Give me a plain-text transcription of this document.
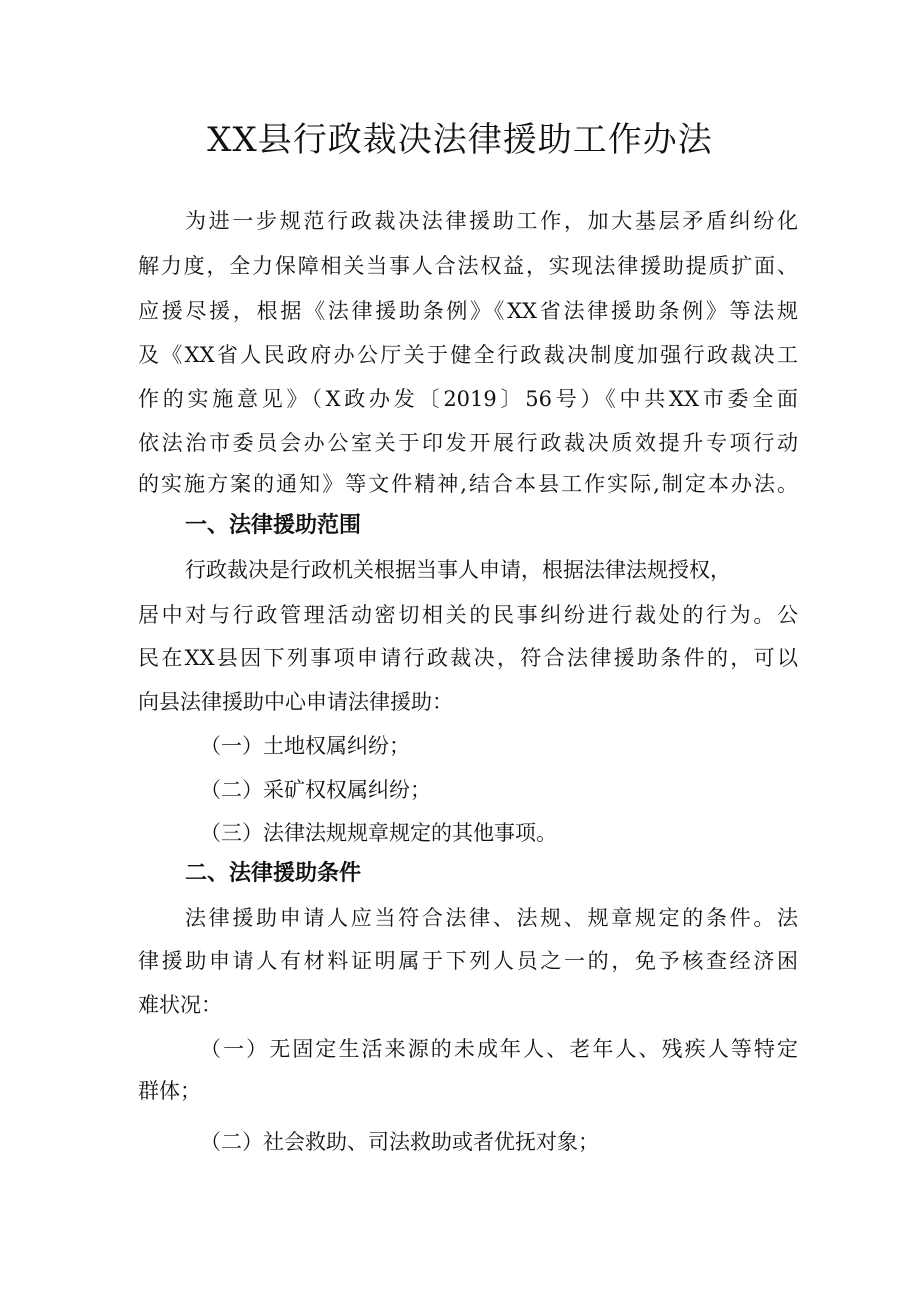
XX县行政裁决法律援助工作办法

为进一步规范行政裁决法律援助工作，加大基层矛盾纠纷化

解力度，全力保障相关当事人合法权益，实现法律援助提质扩面、

应援尽援，根据《法律援助条例》《XX省法律援助条例》等法规

及《XX省人民政府办公厅关于健全行政裁决制度加强行政裁决工

作的实施意见》（X政办发〔2019〕56号）《中共XX市委全面

依法治市委员会办公室关于印发开展行政裁决质效提升专项行动

的实施方案的通知》等文件精神,结合本县工作实际,制定本办法。

一、法律援助范围

行政裁决是行政机关根据当事人申请，根据法律法规授权，

居中对与行政管理活动密切相关的民事纠纷进行裁处的行为。公

民在XX县因下列事项申请行政裁决，符合法律援助条件的，可以

向县法律援助中心申请法律援助：

（一）土地权属纠纷；

（二）采矿权权属纠纷；

（三）法律法规规章规定的其他事项。

二、法律援助条件

法律援助申请人应当符合法律、法规、规章规定的条件。法

律援助申请人有材料证明属于下列人员之一的，免予核查经济困

难状况：

（一）无固定生活来源的未成年人、老年人、残疾人等特定

群体；

（二）社会救助、司法救助或者优抚对象；
